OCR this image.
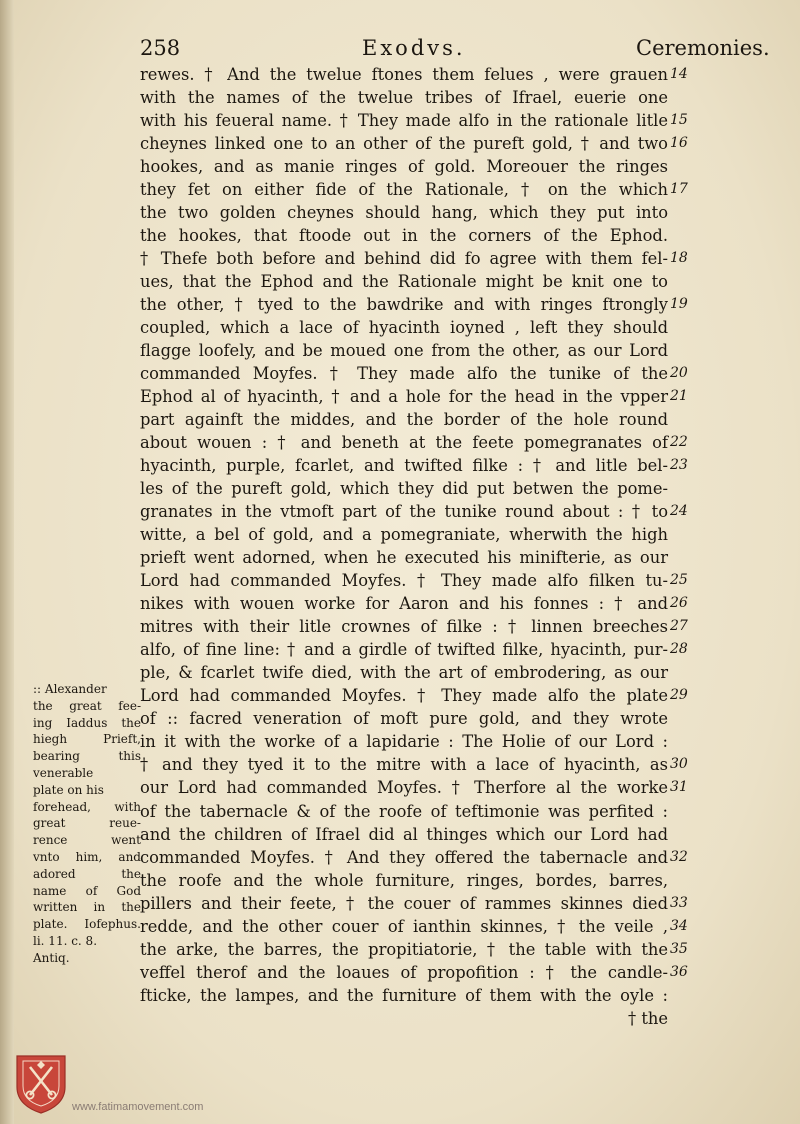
258	Exodvs.	Ceremonies.
rewes. † And the twelue ftones them felues , were grauen
with the names of the twelue tribes of Ifrael, euerie one
with his feueral name. † They made alfo in the rationale litle
cheynes linked one to an other of the pureft gold, † and two
hookes, and as manie ringes of gold. Moreouer the ringes
they fet on either fide of the Rationale, † on the which
the two golden cheynes should hang, which they put into
the hookes, that ftoode out in the corners of the Ephod.
† Thefe both before and behind did fo agree with them fel-
ues, that the Ephod and the Rationale might be knit one to
the other, † tyed to the bawdrike and with ringes ftrongly
coupled, which a lace of hyacinth ioyned , left they should
flagge loofely, and be moued one from the other, as our Lord
commanded Moyfes. † They made alfo the tunike of the
Ephod al of hyacinth, † and a hole for the head in the vpper
part againft the middes, and the border of the hole round
about wouen : † and beneth at the feete pomegranates of
hyacinth, purple, fcarlet, and twifted filke : † and litle bel-
les of the pureft gold, which they did put betwen the pome-
granates in the vtmoft part of the tunike round about : † to
witte, a bel of gold, and a pomegraniate, wherwith the high
prieft went adorned, when he executed his minifterie, as our
Lord had commanded Moyfes. † They made alfo filken tu-
nikes with wouen worke for Aaron and his fonnes : † and
mitres with their litle crownes of filke : † linnen breeches
alfo, of fine line: † and a girdle of twifted filke, hyacinth, pur-
ple, & fcarlet twife died, with the art of embrodering, as our
Lord had commanded Moyfes. † They made alfo the plate
of :: facred veneration of moft pure gold, and they wrote
in it with the worke of a lapidarie : The Holie of our Lord :
† and they tyed it to the mitre with a lace of hyacinth, as
our Lord had commanded Moyfes. † Therfore al the worke
of the tabernacle & of the roofe of teftimonie was perfited :
and the children of Ifrael did al thinges which our Lord had
commanded Moyfes. † And they offered the tabernacle and
the roofe and the whole furniture, ringes, bordes, barres,
pillers and their feete, † the couer of rammes skinnes died
redde, and the other couer of ianthin skinnes, † the veile ,
the arke, the barres, the propitiatorie, † the table with the
veffel therof and the loaues of propofition : † the candle-
fticke, the lampes, and the furniture of them with the oyle :
† the
14
15
16
17
18
19
20
21
22
23
24
25
26
27
28
29
30
31
32
33
34
35
36
:: Alexander
the great fee-
ing Iaddus the
hiegh Prieft,
bearing this
venerable
plate on his
forehead, with
great reue-
rence went
vnto him, and
adored the
name of God
written in the
plate. Iofephus.
li. 11. c. 8.
Antiq.
www.fatimamovement.com
